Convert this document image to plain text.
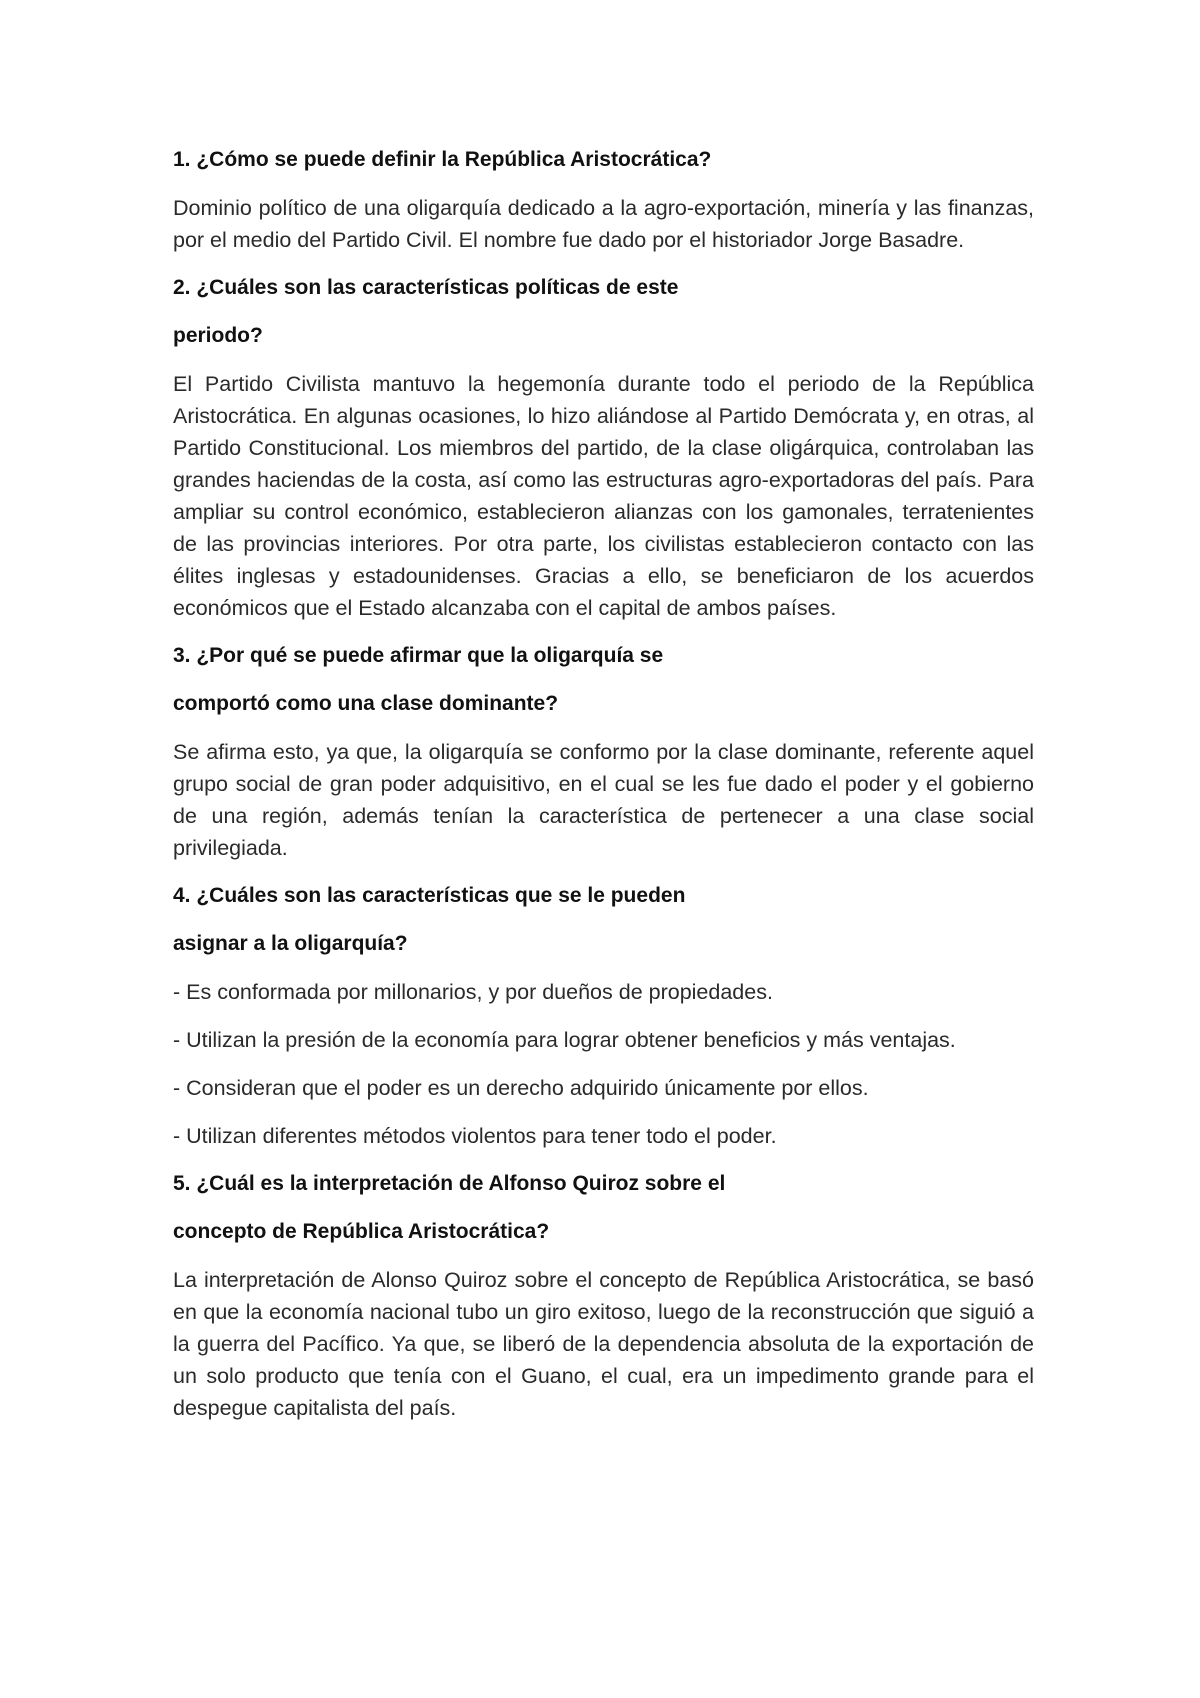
1. ¿Cómo se puede definir la República Aristocrática?
Dominio político de una oligarquía dedicado a la agro-exportación, minería y las finanzas, por el medio del Partido Civil. El nombre fue dado por el historiador Jorge Basadre.
2. ¿Cuáles son las características políticas de este
periodo?
El Partido Civilista mantuvo la hegemonía durante todo el periodo de la República Aristocrática. En algunas ocasiones, lo hizo aliándose al Partido Demócrata y, en otras, al Partido Constitucional. Los miembros del partido, de la clase oligárquica, controlaban las grandes haciendas de la costa, así como las estructuras agro-exportadoras del país. Para ampliar su control económico, establecieron alianzas con los gamonales, terratenientes de las provincias interiores. Por otra parte, los civilistas establecieron contacto con las élites inglesas y estadounidenses. Gracias a ello, se beneficiaron de los acuerdos económicos que el Estado alcanzaba con el capital de ambos países.
3. ¿Por qué se puede afirmar que la oligarquía se
comportó como una clase dominante?
Se afirma esto, ya que, la oligarquía se conformo por la clase dominante, referente aquel grupo social de gran poder adquisitivo, en el cual se les fue dado el poder y el gobierno de una región, además tenían la característica de pertenecer a una clase social privilegiada.
4. ¿Cuáles son las características que se le pueden
asignar a la oligarquía?
- Es conformada por millonarios, y por dueños de propiedades.
- Utilizan la presión de la economía para lograr obtener beneficios y más ventajas.
- Consideran que el poder es un derecho adquirido únicamente por ellos.
- Utilizan diferentes métodos violentos para tener todo el poder.
5. ¿Cuál es la interpretación de Alfonso Quiroz sobre el
concepto de República Aristocrática?
La interpretación de Alonso Quiroz sobre el concepto de República Aristocrática, se basó en que la economía nacional tubo un giro exitoso, luego de la reconstrucción que siguió a la guerra del Pacífico. Ya que, se liberó de la dependencia absoluta de la exportación de un solo producto que tenía con el Guano, el cual, era un impedimento grande para el despegue capitalista del país.
